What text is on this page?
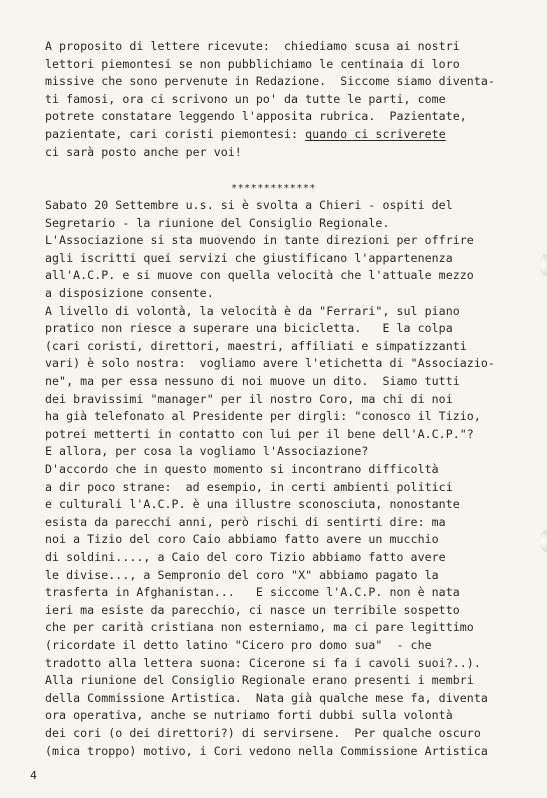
A proposito di lettere ricevute:  chiediamo scusa ai nostri
lettori piemontesi se non pubblichiamo le centinaia di loro
missive che sono pervenute in Redazione.  Siccome siamo diventa-
ti famosi, ora ci scrivono un po' da tutte le parti, come
potrete constatare leggendo l'apposita rubrica.  Pazientate,
pazientate, cari coristi piemontesi: quando ci scriverete
ci sarà posto anche per voi!
*************
Sabato 20 Settembre u.s. si è svolta a Chieri - ospiti del
Segretario - la riunione del Consiglio Regionale.
L'Associazione si sta muovendo in tante direzioni per offrire
agli iscritti quei servizi che giustificano l'appartenenza
all'A.C.P. e si muove con quella velocità che l'attuale mezzo
a disposizione consente.
A livello di volontà, la velocità è da "Ferrari", sul piano
pratico non riesce a superare una bicicletta.   E la colpa
(cari coristi, direttori, maestri, affiliati e simpatizzanti
vari) è solo nostra:  vogliamo avere l'etichetta di "Associazio-
ne", ma per essa nessuno di noi muove un dito.  Siamo tutti
dei bravissimi "manager" per il nostro Coro, ma chi di noi
ha già telefonato al Presidente per dirgli: "conosco il Tizio,
potrei metterti in contatto con lui per il bene dell'A.C.P."?
E allora, per cosa la vogliamo l'Associazione?
D'accordo che in questo momento si incontrano difficoltà
a dir poco strane:  ad esempio, in certi ambienti politici
e culturali l'A.C.P. è una illustre sconosciuta, nonostante
esista da parecchi anni, però rischi di sentirti dire: ma
noi a Tizio del coro Caio abbiamo fatto avere un mucchio
di soldini...., a Caio del coro Tizio abbiamo fatto avere
le divise..., a Sempronio del coro "X" abbiamo pagato la
trasferta in Afghanistan...   E siccome l'A.C.P. non è nata
ieri ma esiste da parecchio, ci nasce un terribile sospetto
che per carità cristiana non esterniamo, ma ci pare legittimo
(ricordate il detto latino "Cicero pro domo sua"  - che
tradotto alla lettera suona: Cicerone si fa i cavoli suoi?..).
Alla riunione del Consiglio Regionale erano presenti i membri
della Commissione Artistica.  Nata già qualche mese fa, diventa
ora operativa, anche se nutriamo forti dubbi sulla volontà
dei cori (o dei direttori?) di servirsene.  Per qualche oscuro
(mica troppo) motivo, i Cori vedono nella Commissione Artistica
4
